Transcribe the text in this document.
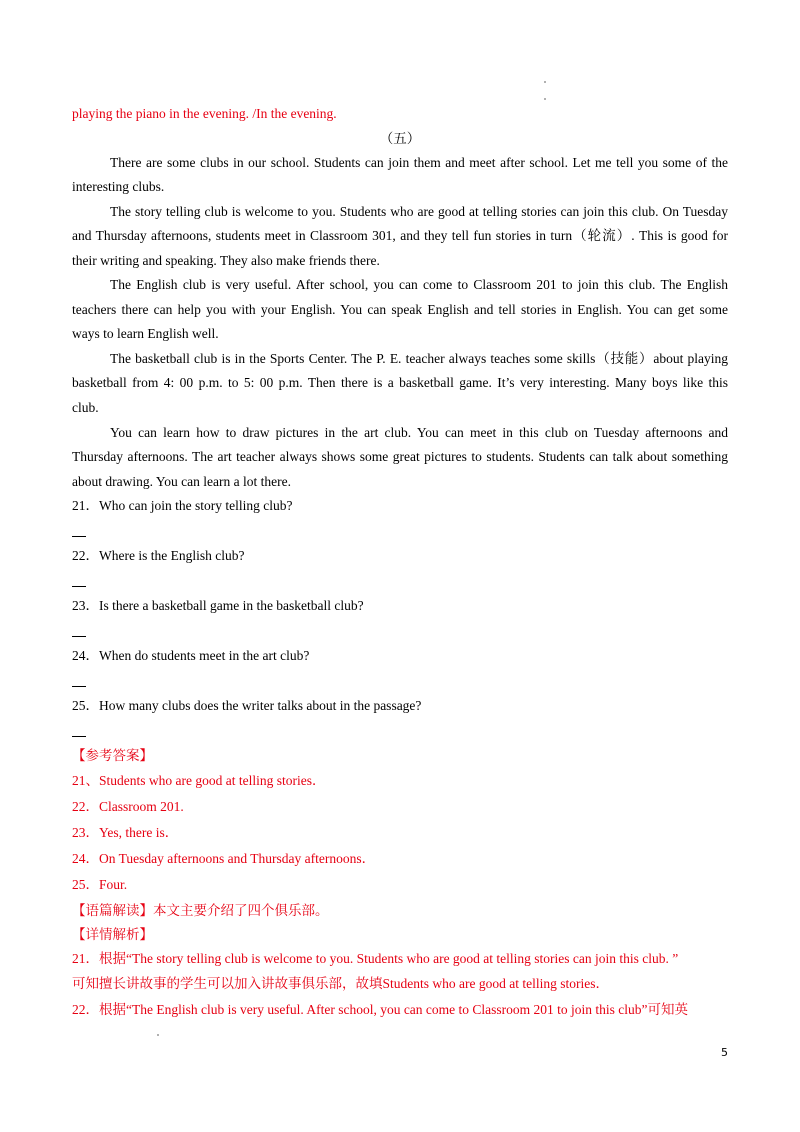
playing the piano in the evening. /In the evening.
（五）
There are some clubs in our school. Students can join them and meet after school. Let me tell you some of the
interesting clubs.
The story telling club is welcome to you. Students who are good at telling stories can join this club. On Tuesday
and Thursday afternoons, students meet in Classroom 301, and they tell fun stories in turn（轮流）. This is good for
their writing and speaking. They also make friends there.
The English club is very useful. After school, you can come to Classroom 201 to join this club. The English
teachers there can help you with your English. You can speak English and tell stories in English. You can get some
ways to learn English well.
The basketball club is in the Sports Center. The P. E. teacher always teaches some skills（技能）about playing
basketball from 4: 00 p.m. to 5: 00 p.m. Then there is a basketball game. It’s very interesting. Many boys like this
club.
You can learn how to draw pictures in the art club. You can meet in this club on Tuesday afternoons and
Thursday afternoons. The art teacher always shows some great pictures to students. Students can talk about something
about drawing. You can learn a lot there.
21．Who can join the story telling club?
22．Where is the English club?
23．Is there a basketball game in the basketball club?
24．When do students meet in the art club?
25．How many clubs does the writer talks about in the passage?
【参考答案】
21、Students who are good at telling stories．
22．Classroom 201.
23．Yes, there is．
24．On Tuesday afternoons and Thursday afternoons．
25．Four.
【语篇解读】本文主要介绍了四个俱乐部。
【详情解析】
21．根据“The story telling club is welcome to you. Students who are good at telling stories can join this club. ”
可知擅长讲故事的学生可以加入讲故事俱乐部，故填Students who are good at telling stories．
22．根据“The English club is very useful. After school, you can come to Classroom 201 to join this club”可知英
5
